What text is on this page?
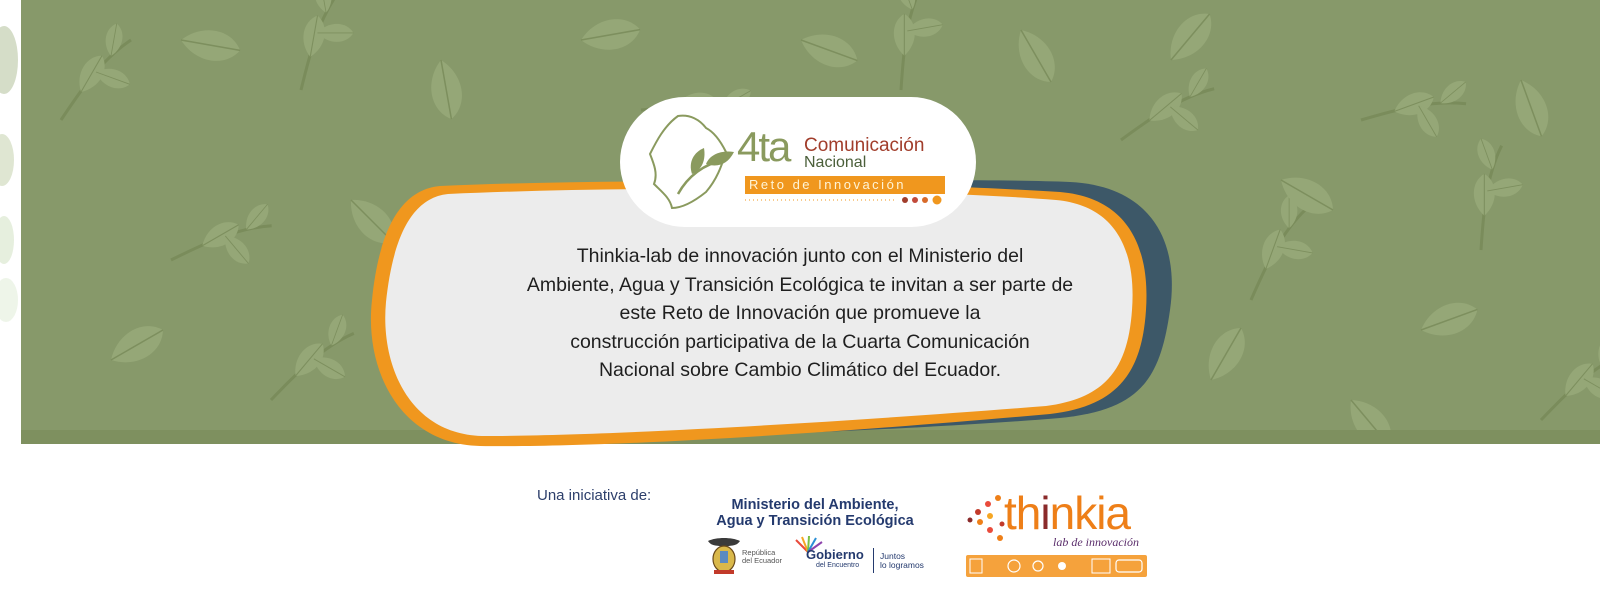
4ta Comunicación
Nacional
Reto de Innovación
Thinkia-lab de innovación junto con el Ministerio del
Ambiente, Agua y Transición Ecológica te invitan a ser parte de
este Reto de Innovación que promueve la
construcción participativa de la Cuarta Comunicación
Nacional sobre Cambio Climático del Ecuador.
Una iniciativa de:
Ministerio del Ambiente,
Agua y Transición Ecológica
República
del Ecuador Gobierno
del Encuentro
Juntos
lo logramos
thinkia
lab de innovación
